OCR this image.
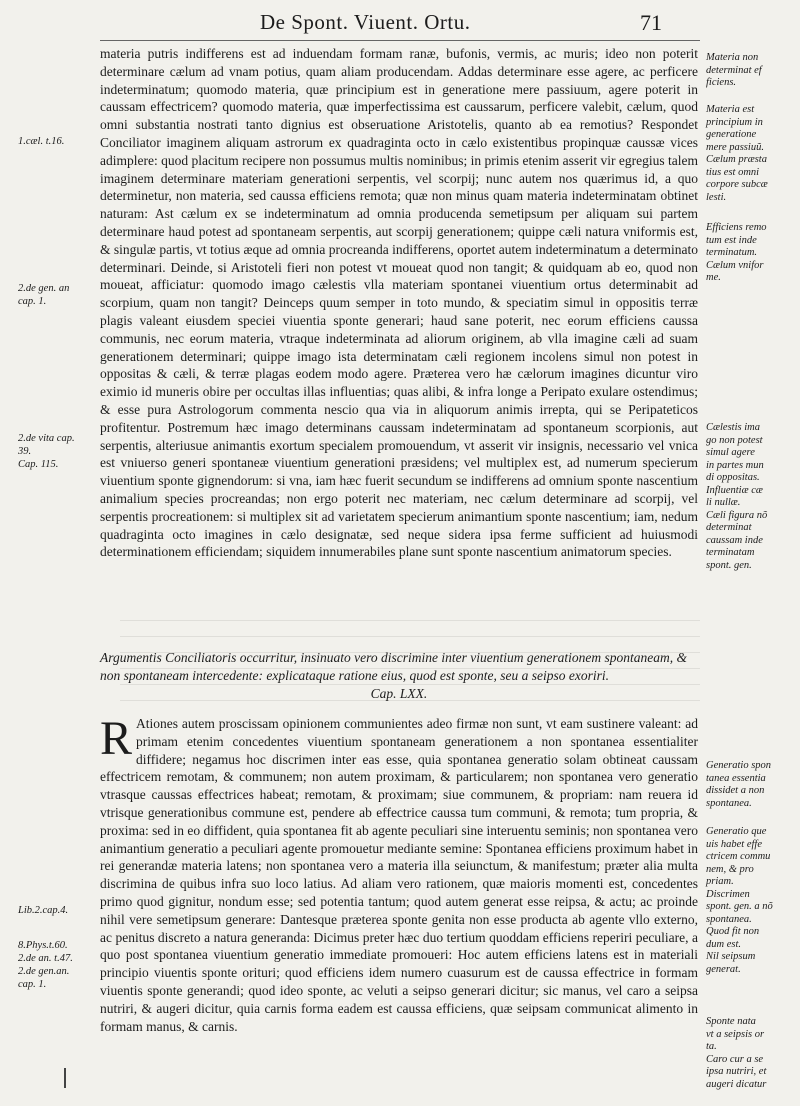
De Spont. Viuent. Ortu.	71

1.cæl. t.16.

2.de gen. an
cap. 1.

2.de vita cap.
39.
Cap. 115.

Lib.2.cap.4.

8.Phys.t.60.
2.de an. t.47.
2.de gen.an.
cap. 1.

materia putris indifferens est ad induendam formam ranæ, bufonis, vermis, ac muris; ideo non poterit determinare cælum ad vnam potius, quam aliam producendam. Addas determinare esse agere, ac perficere indeterminatum; quomodo materia, quæ principium est in generatione mere passiuum, agere poterit in caussam effectricem? quomodo materia, quæ imperfectissima est caussarum, perficere valebit, cælum, quod omni substantia nostrati tanto dignius est obseruatione Aristotelis, quanto ab ea remotius? Respondet Conciliator imaginem aliquam astrorum ex quadraginta octo in cælo existentibus propinquæ caussæ vices adimplere: quod placitum recipere non possumus multis nominibus; in primis etenim asserit vir egregius talem imaginem determinare materiam generationi serpentis, vel scorpij; nunc autem nos quærimus id, a quo determinetur, non materia, sed caussa efficiens remota; quæ non minus quam materia indeterminatam obtinet naturam: Ast cælum ex se indeterminatum ad omnia producenda semetipsum per aliquam sui partem determinare haud potest ad spontaneam serpentis, aut scorpij generationem; quippe cæli natura vniformis est, & singulæ partis, vt totius æque ad omnia procreanda indifferens, oportet autem indeterminatum a determinato determinari. Deinde, si Aristoteli fieri non potest vt moueat quod non tangit; & quidquam ab eo, quod non moueat, afficiatur: quomodo imago cælestis vlla materiam spontanei viuentium ortus determinabit ad scorpium, quam non tangit? Deinceps quum semper in toto mundo, & speciatim simul in oppositis terræ plagis valeant eiusdem speciei viuentia sponte generari; haud sane poterit, nec eorum efficiens caussa communis, nec eorum materia, vtraque indeterminata ad aliorum originem, ab vlla imagine cæli ad suam generationem determinari; quippe imago ista determinatam cæli regionem incolens simul non potest in oppositas & cæli, & terræ plagas eodem modo agere. Præterea vero hæ cælorum imagines dicuntur viro eximio id muneris obire per occultas illas influentias; quas alibi, & infra longe a Peripato exulare ostendimus; & esse pura Astrologorum commenta nescio qua via in aliquorum animis irrepta, qui se Peripateticos profitentur. Postremum hæc imago determinans caussam indeterminatam ad spontaneum scorpionis, aut serpentis, alteriusue animantis exortum specialem promouendum, vt asserit vir insignis, necessario vel vnica est vniuerso generi spontaneæ viuentium generationi præsidens; vel multiplex est, ad numerum specierum viuentium sponte gignendorum: si vna, iam hæc fuerit secundum se indifferens ad omnium sponte nascentium animalium species procreandas; non ergo poterit nec materiam, nec cælum determinare ad scorpij, vel serpentis procreationem: si multiplex sit ad varietatem specierum animantium sponte nascentium; iam, nedum quadraginta octo imagines in cælo designatæ, sed neque sidera ipsa ferme sufficient ad huiusmodi determinationem efficiendam; siquidem innumerabiles plane sunt sponte nascentium animatorum species.

Argumentis Conciliatoris occurritur, insinuato vero discrimine inter viuentium generationem spontaneam, & non spontaneam intercedente: explicataque ratione eius, quod est sponte, seu a seipso exoriri.
Cap. LXX.

R Ationes autem proscissam opinionem communientes adeo firmæ non sunt, vt eam sustinere valeant: ad primam etenim concedentes viuentium spontaneam generationem a non spontanea essentialiter diffidere; negamus hoc discrimen inter eas esse, quia spontanea generatio solam obtineat caussam effectricem remotam, & communem; non autem proximam, & particularem; non spontanea vero generatio vtrasque caussas effectrices habeat; remotam, & proximam; siue communem, & propriam: nam reuera id vtrisque generationibus commune est, pendere ab effectrice caussa tum communi, & remota; tum propria, & proxima: sed in eo diffident, quia spontanea fit ab agente peculiari sine interuentu seminis; non spontanea vero animantium generatio a peculiari agente promouetur mediante semine: Spontanea efficiens proximum habet in rei generandæ materia latens; non spontanea vero a materia illa seiunctum, & manifestum; præter alia multa discrimina de quibus infra suo loco latius. Ad aliam vero rationem, quæ maioris momenti est, concedentes primo quod gignitur, nondum esse; sed potentia tantum; quod autem generat esse reipsa, & actu; ac proinde nihil vere semetipsum generare: Dantesque præterea sponte genita non esse producta ab agente vllo externo, ac penitus discreto a natura generanda: Dicimus preter hæc duo tertium quoddam efficiens reperiri peculiare, a quo post spontanea viuentium generatio immediate promoueri: Hoc autem efficiens latens est in materiali principio viuentis sponte orituri; quod efficiens idem numero cuasurum est de caussa effectrice in formam viuentis sponte generandi; quod ideo sponte, ac veluti a seipso generari dicitur; sic manus, vel caro a seipsa nutriri, & augeri dicitur, quia carnis forma eadem est caussa efficiens, quæ seipsam communicat alimento in formam manus, & carnis.

Materia non
determinat ef
ficiens.

Materia est
principium in
generatione
mere passiuũ.
Cælum præsta
tius est omni
corpore subcæ
lesti.

Efficiens remo
tum est inde
terminatum.
Cælum vnifor
me.

Cælestis ima
go non potest
simul agere
in partes mun
di oppositas.
Influentiæ cæ
li nullæ.
Cæli figura nõ
determinat
caussam inde
terminatam
spont. gen.

Generatio spon
tanea essentia
dissidet a non
spontanea.

Generatio que
uis habet effe
ctricem commu
nem, & pro
priam.
Discrimen
spont. gen. a nõ
spontanea.
Quod fit non
dum est.
Nil seipsum
generat.

Sponte nata
vt a seipsis or
ta.
Caro cur a se
ipsa nutriri, et
augeri dicatur
